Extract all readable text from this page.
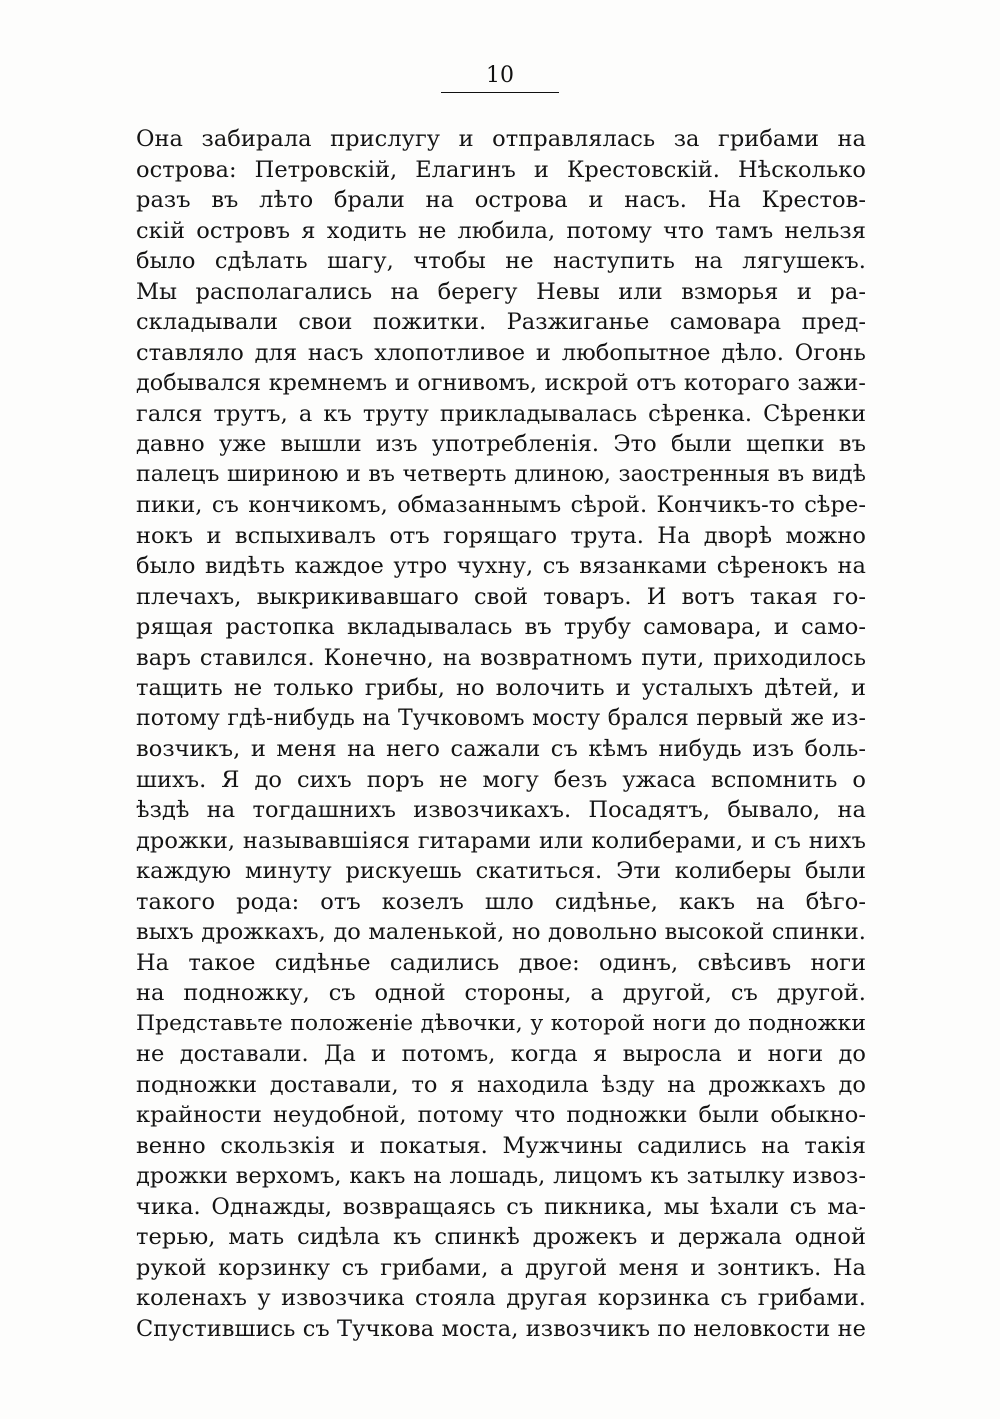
10
Она забирала прислугу и отправлялась за грибами на
острова: Петровскій, Елагинъ и Крестовскій. Нѣсколько
разъ въ лѣто брали на острова и насъ. На Крестов-
скій островъ я ходить не любила, потому что тамъ нельзя
было сдѣлать шагу, чтобы не наступить на лягушекъ.
Мы располагались на берегу Невы или взморья и ра-
складывали свои пожитки. Разжиганье самовара пред-
ставляло для насъ хлопотливое и любопытное дѣло. Огонь
добывался кремнемъ и огнивомъ, искрой отъ котораго зажи-
гался трутъ, а къ труту прикладывалась сѣренка. Сѣренки
давно уже вышли изъ употребленія. Это были щепки въ
палецъ шириною и въ четверть длиною, заостренныя въ видѣ
пики, съ кончикомъ, обмазаннымъ сѣрой. Кончикъ-то сѣре-
нокъ и вспыхивалъ отъ горящаго трута. На дворѣ можно
было видѣть каждое утро чухну, съ вязанками сѣренокъ на
плечахъ, выкрикивавшаго свой товаръ. И вотъ такая го-
рящая растопка вкладывалась въ трубу самовара, и само-
варъ ставился. Конечно, на возвратномъ пути, приходилось
тащить не только грибы, но волочить и усталыхъ дѣтей, и
потому гдѣ-нибудь на Тучковомъ мосту брался первый же из-
возчикъ, и меня на него сажали съ кѣмъ нибудь изъ боль-
шихъ. Я до сихъ поръ не могу безъ ужаса вспомнить о
ѣздѣ на тогдашнихъ извозчикахъ. Посадятъ, бывало, на
дрожки, называвшіяся гитарами или колиберами, и съ нихъ
каждую минуту рискуешь скатиться. Эти колиберы были
такого рода: отъ козелъ шло сидѣнье, какъ на бѣго-
выхъ дрожкахъ, до маленькой, но довольно высокой спинки.
На такое сидѣнье садились двое: одинъ, свѣсивъ ноги
на подножку, съ одной стороны, а другой, съ другой.
Представьте положеніе дѣвочки, у которой ноги до подножки
не доставали. Да и потомъ, когда я выросла и ноги до
подножки доставали, то я находила ѣзду на дрожкахъ до
крайности неудобной, потому что подножки были обыкно-
венно скользкія и покатыя. Мужчины садились на такія
дрожки верхомъ, какъ на лошадь, лицомъ къ затылку извоз-
чика. Однажды, возвращаясь съ пикника, мы ѣхали съ ма-
терью, мать сидѣла къ спинкѣ дрожекъ и держала одной
рукой корзинку съ грибами, а другой меня и зонтикъ. На
коленахъ у извозчика стояла другая корзинка съ грибами.
Спустившись съ Тучкова моста, извозчикъ по неловкости не
